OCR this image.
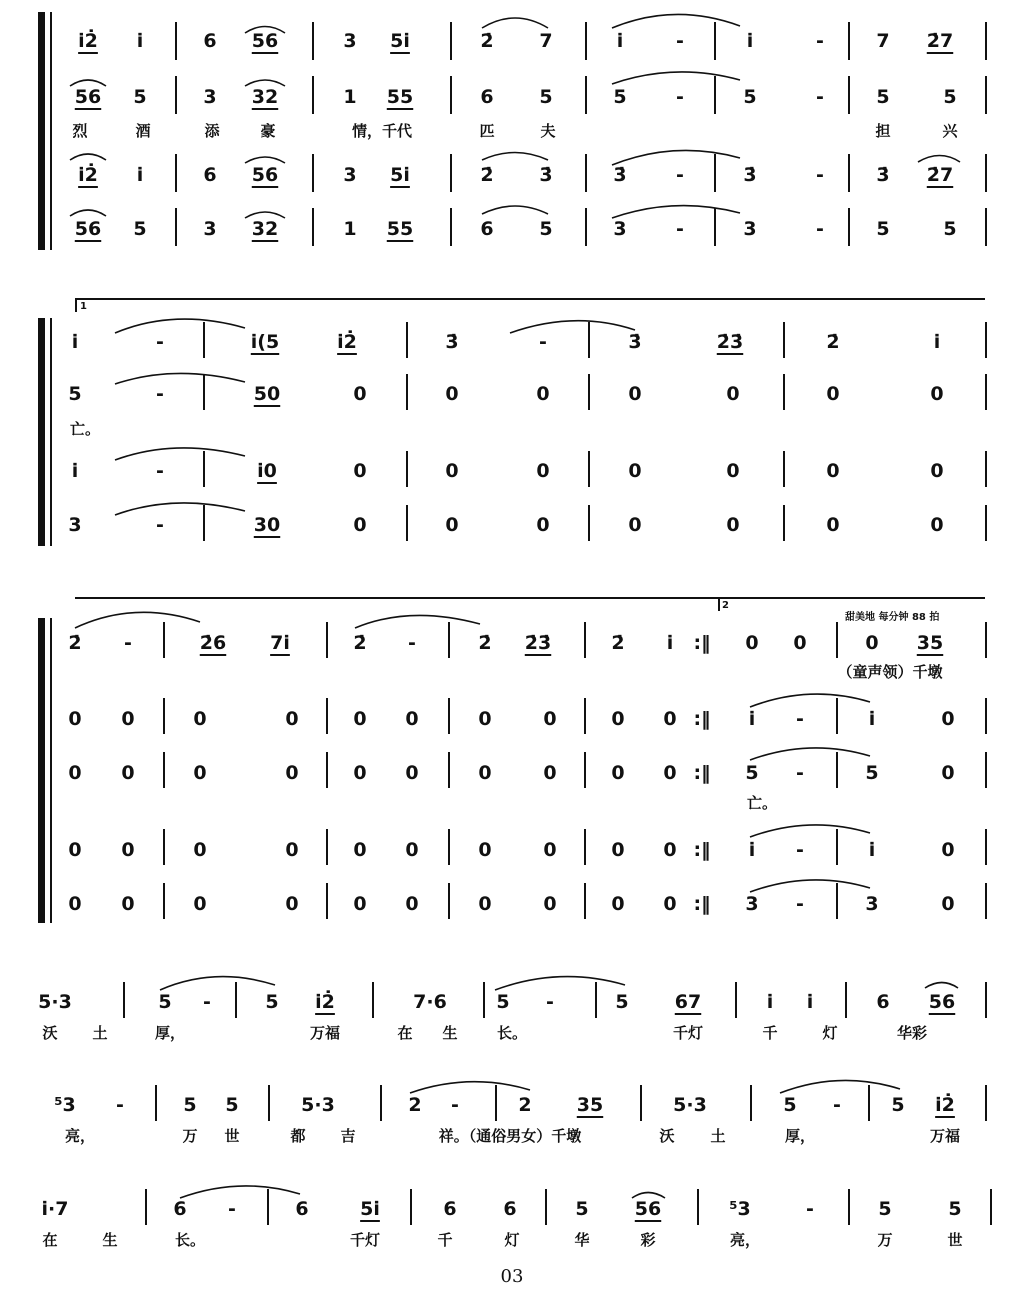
i̇2̇ i̇	6 56	3 5i̇	2̇ 7	i̇	-	i̇	-	7 2̇7
56 5	3 32	1 55	6 5	5	-	5	-	5	5
烈	酒	添	豪	情，千代	匹	夫	担	兴
i̇2̇ i̇	6 56	3 5i̇	2̇ 3̇	3̇	-	3̇	-	3̇ 2̇7
56 5	3 32	1 55	6 5	3	-	3	-	5	5
1
i̇	-	i̇(5	i̇2̇	3̇	-	3̇	2̇3̇	2̇	i̇
5	-	50	0	0	0	0	0	0	0
亡。
i̇	-	i̇0	0	0	0	0	0	0	0
3	-	30	0	0	0	0	0	0	0
2
甜美地 每分钟 88 拍
2̇ -	2̇6 7i̇	2̇ -	2̇ 2̇3̇	2̇ i̇ :‖ 0 0	0 35
（童声领）千墩
0 0	0	0	0 0	0	0	0 0 :‖ i̇ -	i̇	0
0 0	0	0	0 0	0	0	0 0 :‖ 5 -	5	0
亡。
0 0	0	0	0 0	0	0	0 0 :‖ i̇ -	i̇	0
0 0	0	0	0 0	0	0	0 0 :‖ 3 -	3	0
5·3	5 -	5 i̇2̇	7·6	5 -	5 67	i̇ i̇	6 56
沃 土	厚，	万福	在 生	长。	千灯	千	灯	华彩
⁵3 -	5 5	5·3	2 -	2 35	5·3	5 -	5 i̇2̇
亮，	万 世	都 吉	祥。（通俗男女）千墩	沃 土	厚，	万福
i̇·7	6 -	6	5i̇	6 6	5 56	⁵3	-	5	5
在	生	长。	千灯	千	灯	华	彩	亮，	万	世
03
